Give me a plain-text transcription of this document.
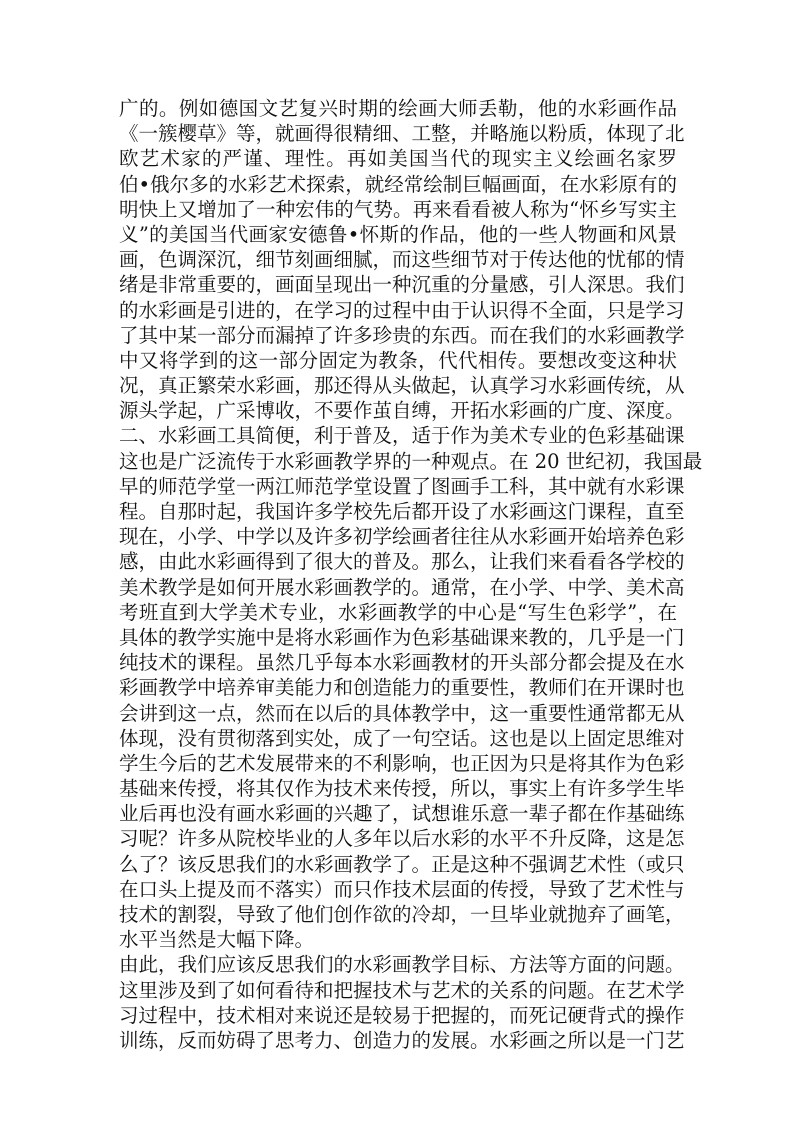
广的。例如德国文艺复兴时期的绘画大师丢勒，他的水彩画作品
《一簇樱草》等，就画得很精细、工整，并略施以粉质，体现了北
欧艺术家的严谨、理性。再如美国当代的现实主义绘画名家罗
伯•俄尔多的水彩艺术探索，就经常绘制巨幅画面，在水彩原有的
明快上又增加了一种宏伟的气势。再来看看被人称为“怀乡写实主
义”的美国当代画家安德鲁•怀斯的作品，他的一些人物画和风景
画，色调深沉，细节刻画细腻，而这些细节对于传达他的忧郁的情
绪是非常重要的，画面呈现出一种沉重的分量感，引人深思。我们
的水彩画是引进的，在学习的过程中由于认识得不全面，只是学习
了其中某一部分而漏掉了许多珍贵的东西。而在我们的水彩画教学
中又将学到的这一部分固定为教条，代代相传。要想改变这种状
况，真正繁荣水彩画，那还得从头做起，认真学习水彩画传统，从
源头学起，广采博收，不要作茧自缚，开拓水彩画的广度、深度。
二、水彩画工具简便，利于普及，适于作为美术专业的色彩基础课
这也是广泛流传于水彩画教学界的一种观点。在 20 世纪初，我国最
早的师范学堂一两江师范学堂设置了图画手工科，其中就有水彩课
程。自那时起，我国许多学校先后都开设了水彩画这门课程，直至
现在，小学、中学以及许多初学绘画者往往从水彩画开始培养色彩
感，由此水彩画得到了很大的普及。那么，让我们来看看各学校的
美术教学是如何开展水彩画教学的。通常，在小学、中学、美术高
考班直到大学美术专业，水彩画教学的中心是“写生色彩学”，在
具体的教学实施中是将水彩画作为色彩基础课来教的，几乎是一门
纯技术的课程。虽然几乎每本水彩画教材的开头部分都会提及在水
彩画教学中培养审美能力和创造能力的重要性，教师们在开课时也
会讲到这一点，然而在以后的具体教学中，这一重要性通常都无从
体现，没有贯彻落到实处，成了一句空话。这也是以上固定思维对
学生今后的艺术发展带来的不利影响，也正因为只是将其作为色彩
基础来传授，将其仅作为技术来传授，所以，事实上有许多学生毕
业后再也没有画水彩画的兴趣了，试想谁乐意一辈子都在作基础练
习呢？许多从院校毕业的人多年以后水彩的水平不升反降，这是怎
么了？该反思我们的水彩画教学了。正是这种不强调艺术性（或只
在口头上提及而不落实）而只作技术层面的传授，导致了艺术性与
技术的割裂，导致了他们创作欲的冷却，一旦毕业就抛弃了画笔，
水平当然是大幅下降。
由此，我们应该反思我们的水彩画教学目标、方法等方面的问题。
这里涉及到了如何看待和把握技术与艺术的关系的问题。在艺术学
习过程中，技术相对来说还是较易于把握的，而死记硬背式的操作
训练，反而妨碍了思考力、创造力的发展。水彩画之所以是一门艺
